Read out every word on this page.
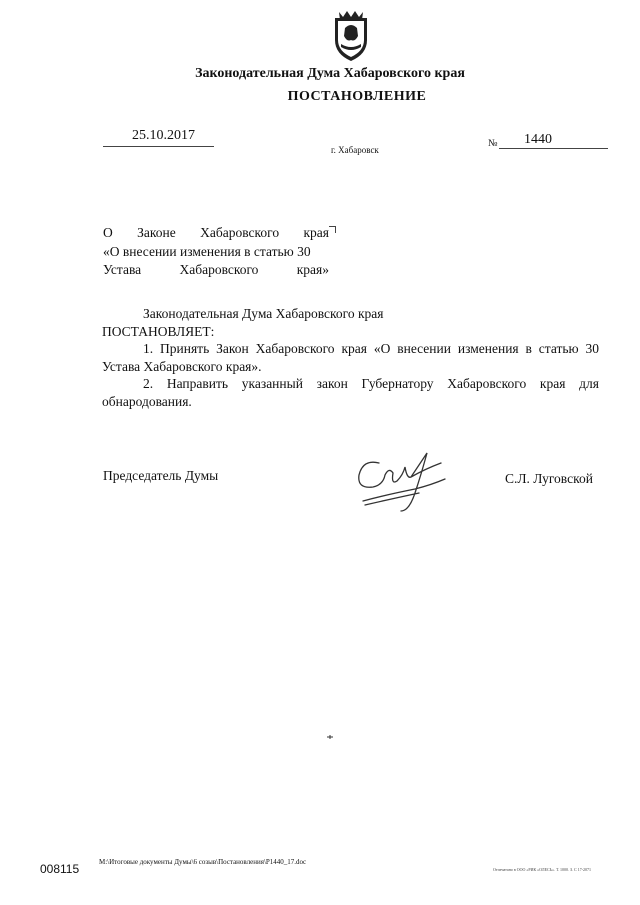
Законодательная Дума Хабаровского края
ПОСТАНОВЛЕНИЕ
25.10.2017
г. Хабаровск
№ 1440
О Законе Хабаровского края
«О внесении изменения в статью 30
Устава	Хабаровского	края»

Законодательная Дума Хабаровского края

ПОСТАНОВЛЯЕТ:

1. Принять Закон Хабаровского края «О внесении изменения в статью 30 Устава Хабаровского края».

2. Направить указанный закон Губернатору Хабаровского края для обнародования.

Председатель Думы	С.Л. Луговской
M:\Итоговые документы Думы\6 созыв\Постановления\P1440_17.doc
008115	Отпечатано в ООО «РИК «ОЛЕСЬ». Т. 1000. З. С 17-2071
